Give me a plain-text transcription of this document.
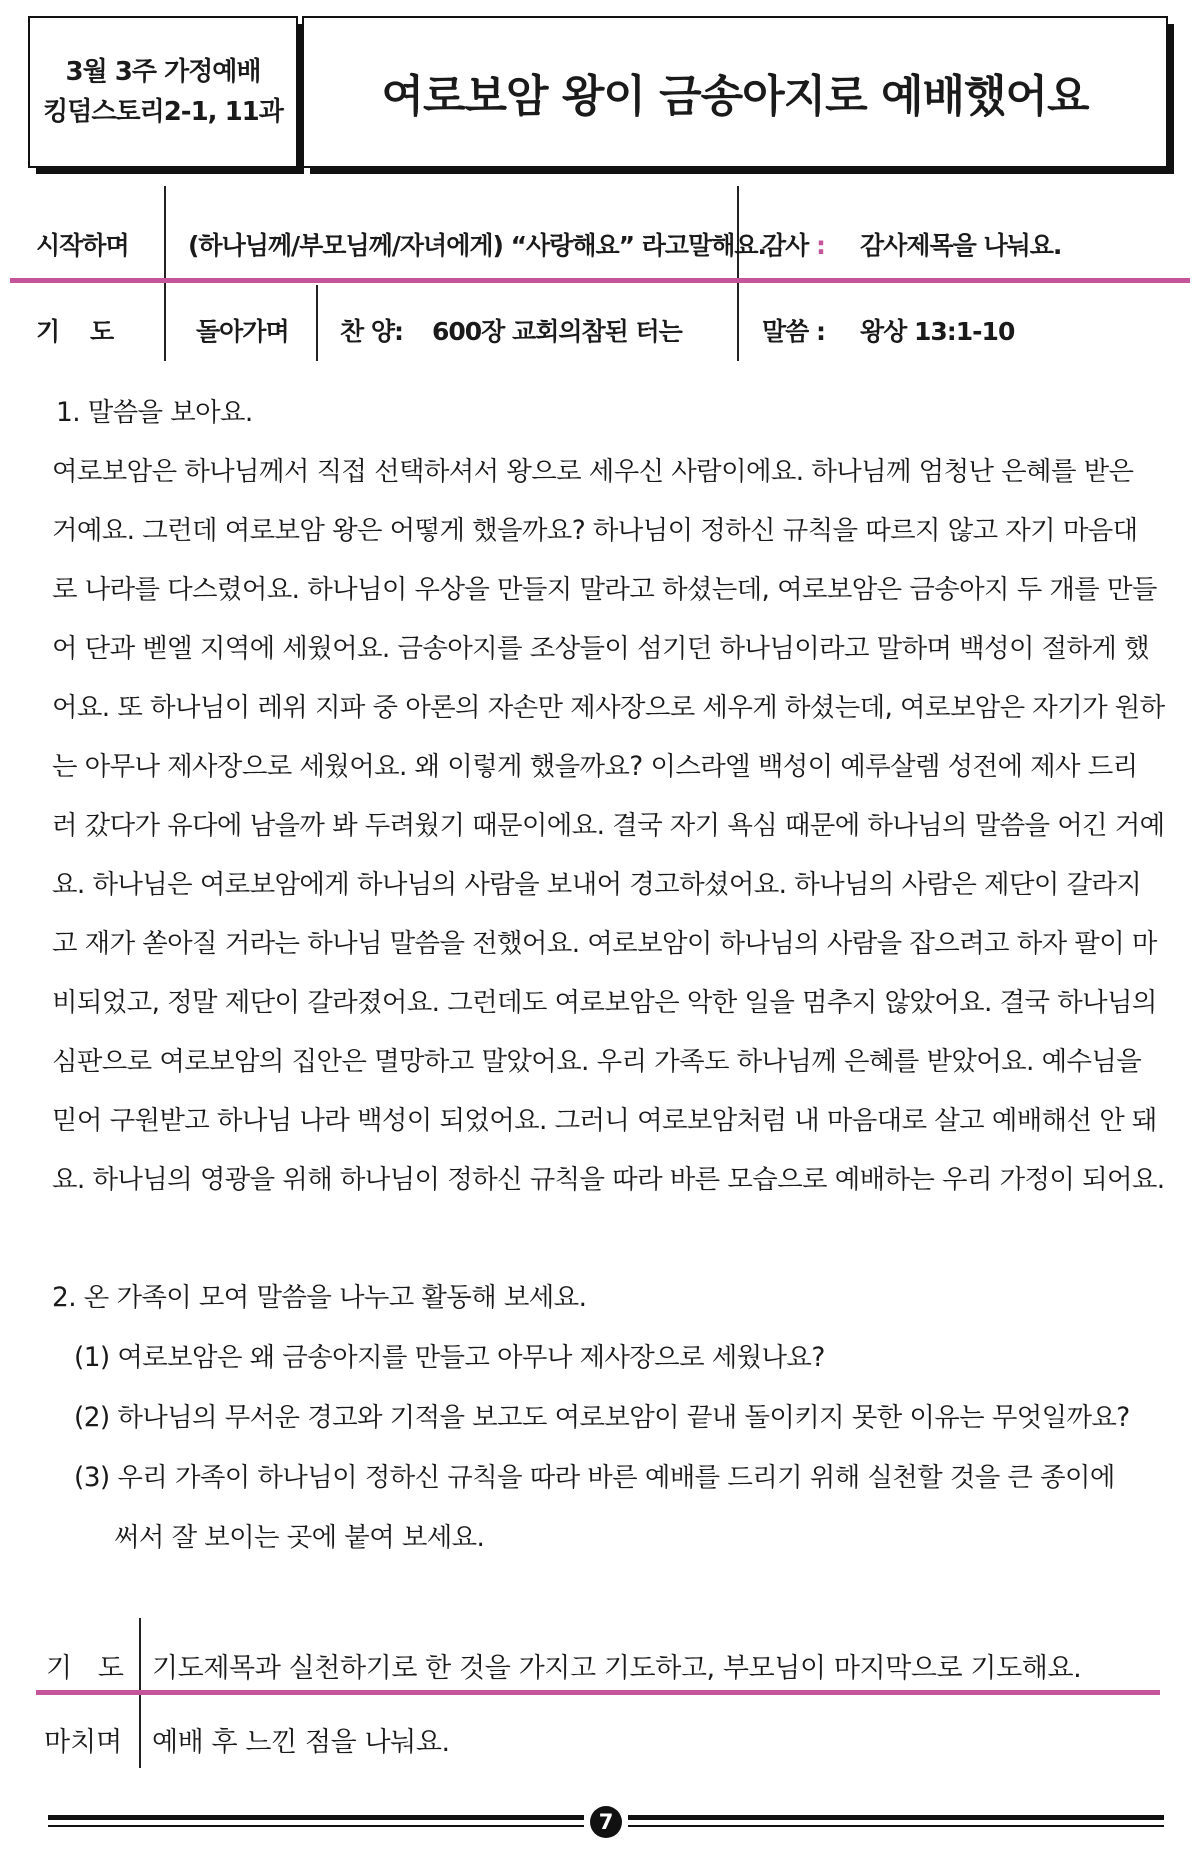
3월 3주 가정예배
킹덤스토리2-1, 11과 여로보암 왕이 금송아지로 예배했어요
시작하며 (하나님께/부모님께/자녀에게) “사랑해요” 라고말해요.
감사 : 감사제목을 나눠요.
기    도	돌아가며 찬 양: 600장 교회의참된 터는	말씀 : 왕상 13:1-10
1. 말씀을 보아요.
여로보암은 하나님께서 직접 선택하셔서 왕으로 세우신 사람이에요. 하나님께 엄청난 은혜를 받은
거예요. 그런데 여로보암 왕은 어떻게 했을까요? 하나님이 정하신 규칙을 따르지 않고 자기 마음대
로 나라를 다스렸어요. 하나님이 우상을 만들지 말라고 하셨는데, 여로보암은 금송아지 두 개를 만들
어 단과 벧엘 지역에 세웠어요. 금송아지를 조상들이 섬기던 하나님이라고 말하며 백성이 절하게 했
어요. 또 하나님이 레위 지파 중 아론의 자손만 제사장으로 세우게 하셨는데, 여로보암은 자기가 원하
는 아무나 제사장으로 세웠어요. 왜 이렇게 했을까요? 이스라엘 백성이 예루살렘 성전에 제사 드리
러 갔다가 유다에 남을까 봐 두려웠기 때문이에요. 결국 자기 욕심 때문에 하나님의 말씀을 어긴 거예
요. 하나님은 여로보암에게 하나님의 사람을 보내어 경고하셨어요. 하나님의 사람은 제단이 갈라지
고 재가 쏟아질 거라는 하나님 말씀을 전했어요. 여로보암이 하나님의 사람을 잡으려고 하자 팔이 마
비되었고, 정말 제단이 갈라졌어요. 그런데도 여로보암은 악한 일을 멈추지 않았어요. 결국 하나님의
심판으로 여로보암의 집안은 멸망하고 말았어요. 우리 가족도 하나님께 은혜를 받았어요. 예수님을
믿어 구원받고 하나님 나라 백성이 되었어요. 그러니 여로보암처럼 내 마음대로 살고 예배해선 안 돼
요. 하나님의 영광을 위해 하나님이 정하신 규칙을 따라 바른 모습으로 예배하는 우리 가정이 되어요.
2. 온 가족이 모여 말씀을 나누고 활동해 보세요.
(1) 여로보암은 왜 금송아지를 만들고 아무나 제사장으로 세웠나요?
(2) 하나님의 무서운 경고와 기적을 보고도 여로보암이 끝내 돌이키지 못한 이유는 무엇일까요?
(3) 우리 가족이 하나님이 정하신 규칙을 따라 바른 예배를 드리기 위해 실천할 것을 큰 종이에
써서 잘 보이는 곳에 붙여 보세요.
기   도 기도제목과 실천하기로 한 것을 가지고 기도하고, 부모님이 마지막으로 기도해요.
마치며 예배 후 느낀 점을 나눠요.
7
